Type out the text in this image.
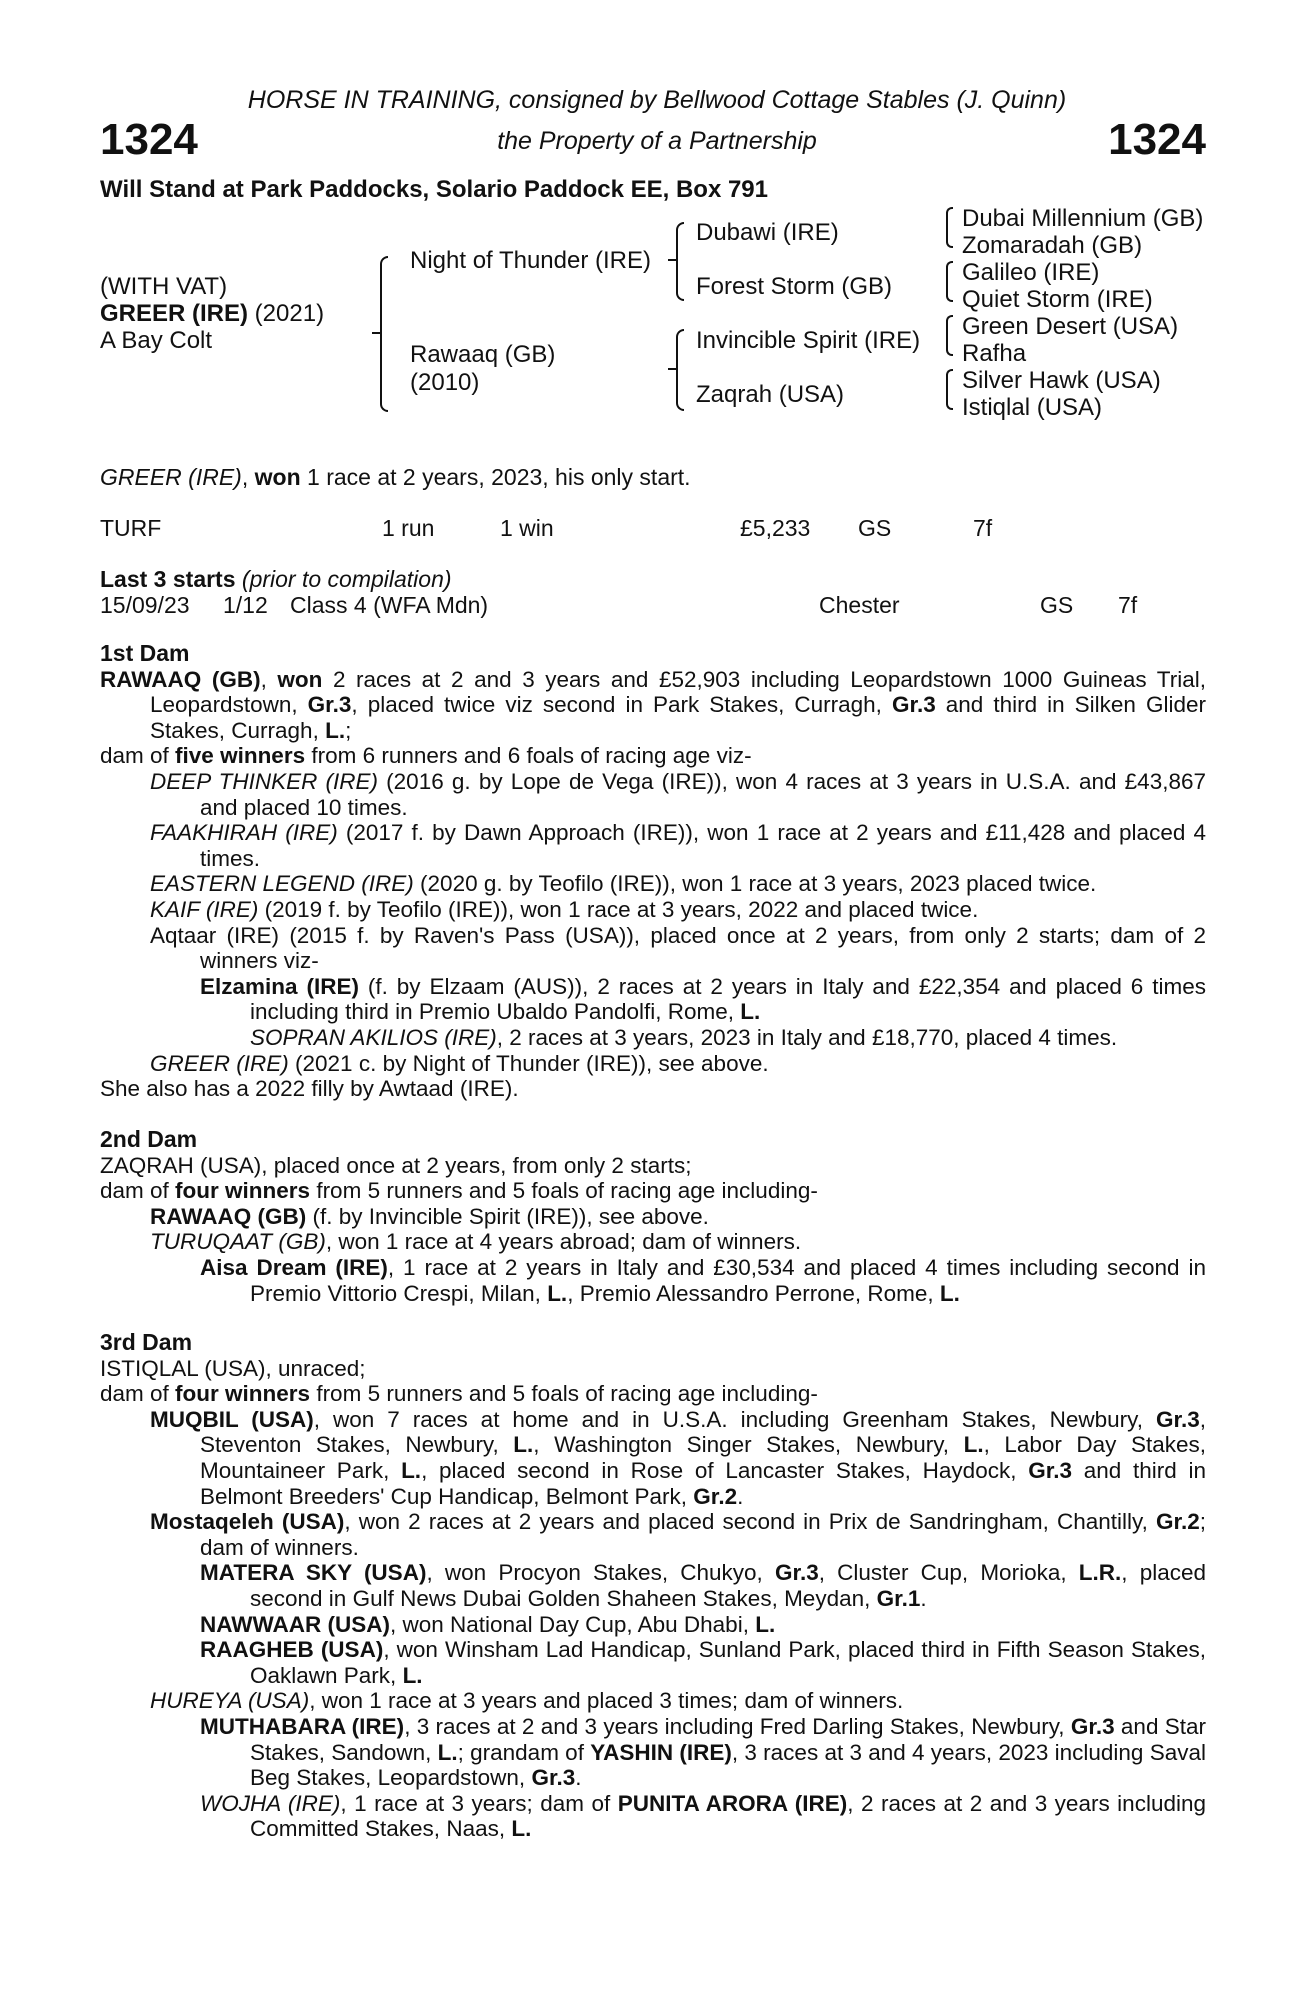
HORSE IN TRAINING, consigned by Bellwood Cottage Stables (J. Quinn)
1324	the Property of a Partnership	1324
Will Stand at Park Paddocks, Solario Paddock EE, Box 791
(WITH VAT)
GREER (IRE) (2021)
A Bay Colt
Night of Thunder (IRE)
Rawaaq (GB)
(2010)
Dubawi (IRE)
Forest Storm (GB)
Invincible Spirit (IRE)
Zaqrah (USA)
Dubai Millennium (GB)
Zomaradah (GB)
Galileo (IRE)
Quiet Storm (IRE)
Green Desert (USA)
Rafha
Silver Hawk (USA)
Istiqlal (USA)
GREER (IRE), won 1 race at 2 years, 2023, his only start.
TURF	1 run	1 win	£5,233 GS	7f
Last 3 starts (prior to compilation)
15/09/23 1/12 Class 4 (WFA Mdn)	Chester	GS 7f

1st Dam

RAWAAQ (GB), won 2 races at 2 and 3 years and £52,903 including Leopardstown 1000 Guineas Trial, Leopardstown, Gr.3, placed twice viz second in Park Stakes, Curragh, Gr.3 and third in Silken Glider Stakes, Curragh, L.;

dam of five winners from 6 runners and 6 foals of racing age viz-

DEEP THINKER (IRE) (2016 g. by Lope de Vega (IRE)), won 4 races at 3 years in U.S.A. and £43,867 and placed 10 times.

FAAKHIRAH (IRE) (2017 f. by Dawn Approach (IRE)), won 1 race at 2 years and £11,428 and placed 4 times.

EASTERN LEGEND (IRE) (2020 g. by Teofilo (IRE)), won 1 race at 3 years, 2023 placed twice.

KAIF (IRE) (2019 f. by Teofilo (IRE)), won 1 race at 3 years, 2022 and placed twice.

Aqtaar (IRE) (2015 f. by Raven's Pass (USA)), placed once at 2 years, from only 2 starts; dam of 2 winners viz-

Elzamina (IRE) (f. by Elzaam (AUS)), 2 races at 2 years in Italy and £22,354 and placed 6 times including third in Premio Ubaldo Pandolfi, Rome, L.

SOPRAN AKILIOS (IRE), 2 races at 3 years, 2023 in Italy and £18,770, placed 4 times.

GREER (IRE) (2021 c. by Night of Thunder (IRE)), see above.

She also has a 2022 filly by Awtaad (IRE).

2nd Dam

ZAQRAH (USA), placed once at 2 years, from only 2 starts;

dam of four winners from 5 runners and 5 foals of racing age including-

RAWAAQ (GB) (f. by Invincible Spirit (IRE)), see above.

TURUQAAT (GB), won 1 race at 4 years abroad; dam of winners.

Aisa Dream (IRE), 1 race at 2 years in Italy and £30,534 and placed 4 times including second in Premio Vittorio Crespi, Milan, L., Premio Alessandro Perrone, Rome, L.

3rd Dam

ISTIQLAL (USA), unraced;

dam of four winners from 5 runners and 5 foals of racing age including-

MUQBIL (USA), won 7 races at home and in U.S.A. including Greenham Stakes, Newbury, Gr.3, Steventon Stakes, Newbury, L., Washington Singer Stakes, Newbury, L., Labor Day Stakes, Mountaineer Park, L., placed second in Rose of Lancaster Stakes, Haydock, Gr.3 and third in Belmont Breeders' Cup Handicap, Belmont Park, Gr.2.

Mostaqeleh (USA), won 2 races at 2 years and placed second in Prix de Sandringham, Chantilly, Gr.2; dam of winners.

MATERA SKY (USA), won Procyon Stakes, Chukyo, Gr.3, Cluster Cup, Morioka, L.R., placed second in Gulf News Dubai Golden Shaheen Stakes, Meydan, Gr.1.

NAWWAAR (USA), won National Day Cup, Abu Dhabi, L.

RAAGHEB (USA), won Winsham Lad Handicap, Sunland Park, placed third in Fifth Season Stakes, Oaklawn Park, L.

HUREYA (USA), won 1 race at 3 years and placed 3 times; dam of winners.

MUTHABARA (IRE), 3 races at 2 and 3 years including Fred Darling Stakes, Newbury, Gr.3 and Star Stakes, Sandown, L.; grandam of YASHIN (IRE), 3 races at 3 and 4 years, 2023 including Saval Beg Stakes, Leopardstown, Gr.3.

WOJHA (IRE), 1 race at 3 years; dam of PUNITA ARORA (IRE), 2 races at 2 and 3 years including Committed Stakes, Naas, L.
